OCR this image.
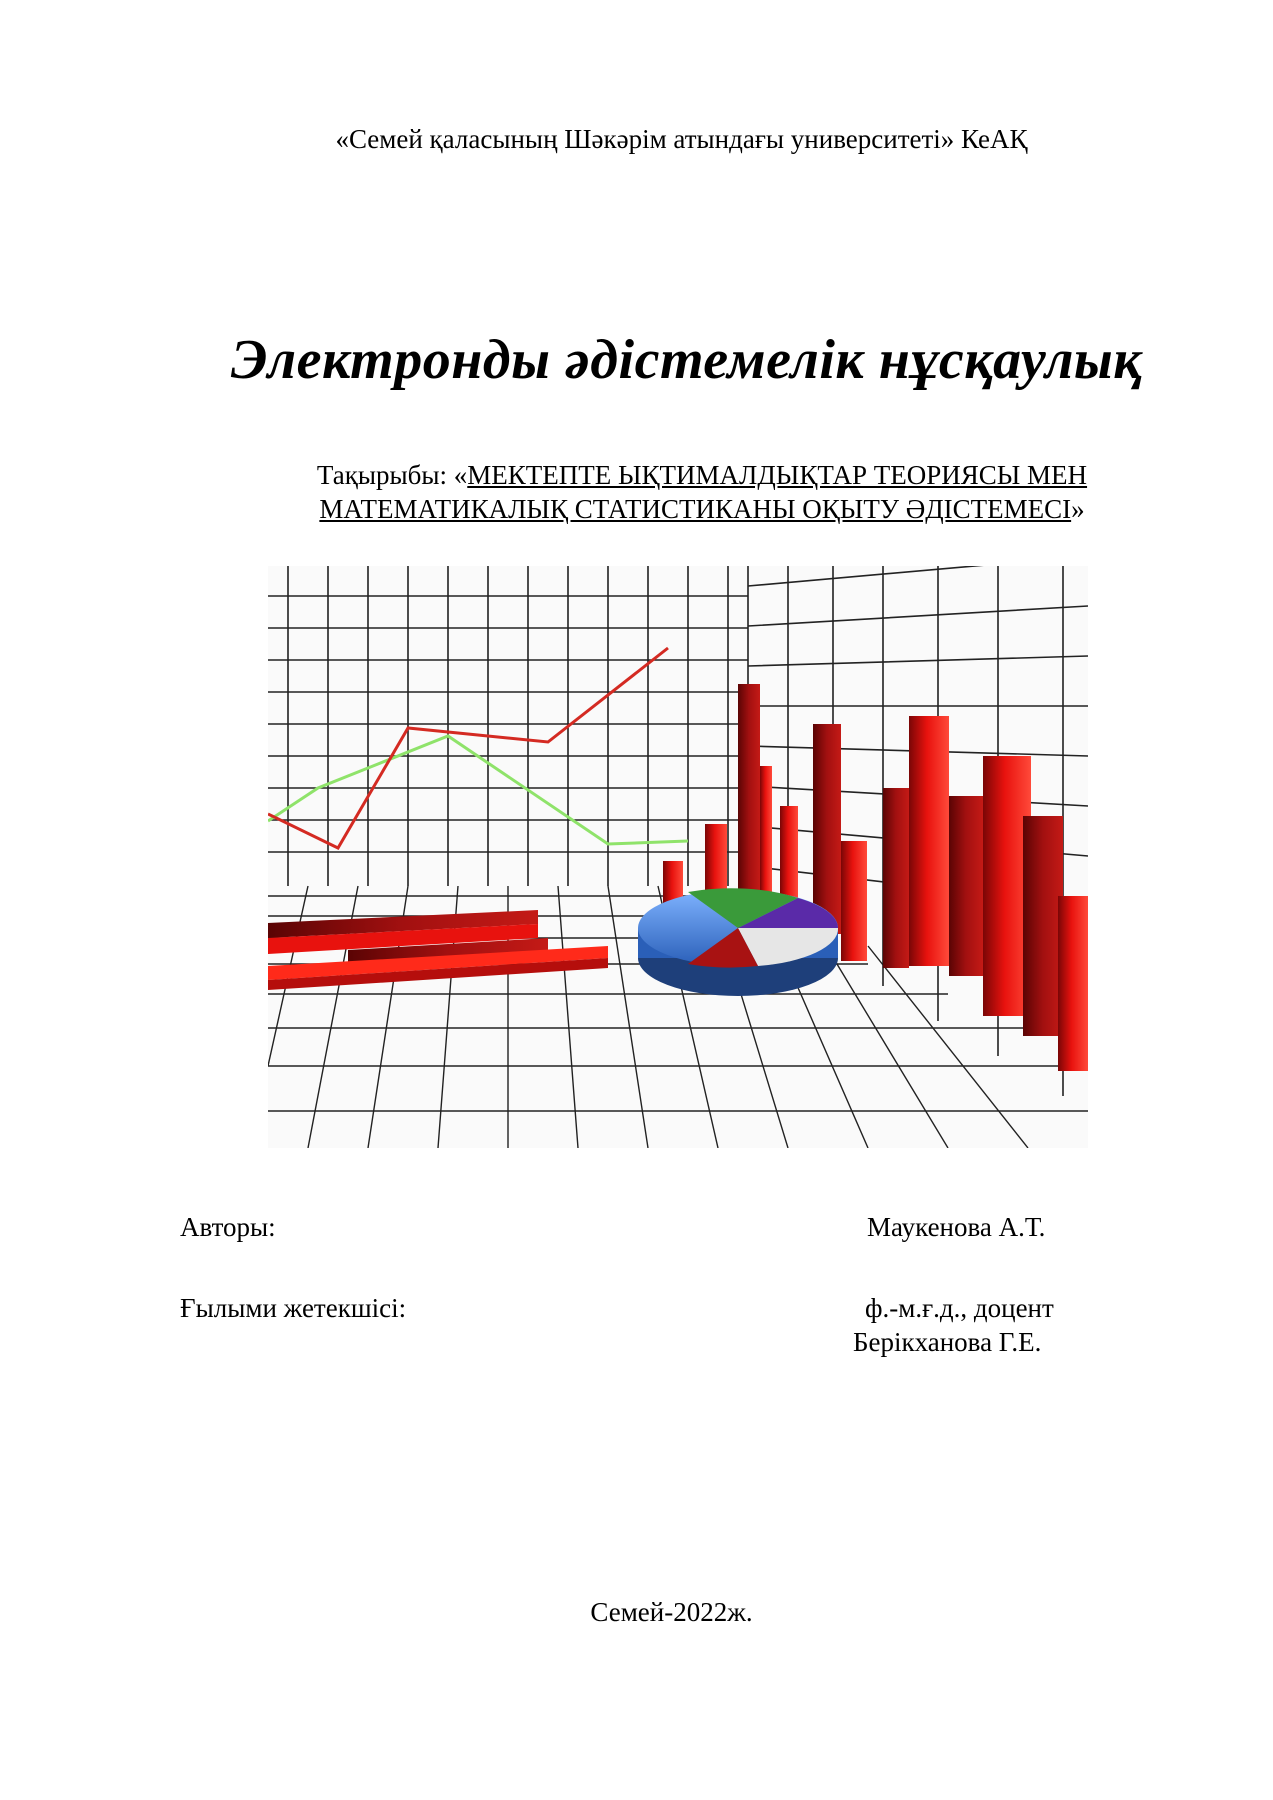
«Семей қаласының Шәкәрім атындағы университеті» КеАҚ
Электронды әдістемелік нұсқаулық
Тақырыбы: «МЕКТЕПТЕ ЫҚТИМАЛДЫҚТАР ТЕОРИЯСЫ МЕН
МАТЕМАТИКАЛЫҚ СТАТИСТИКАНЫ ОҚЫТУ ӘДІСТЕМЕСІ»
Авторы:	Маукенова А.Т.
Ғылыми жетекшісі:	ф.-м.ғ.д., доцент
Берікханова Г.Е.
Семей-2022ж.
